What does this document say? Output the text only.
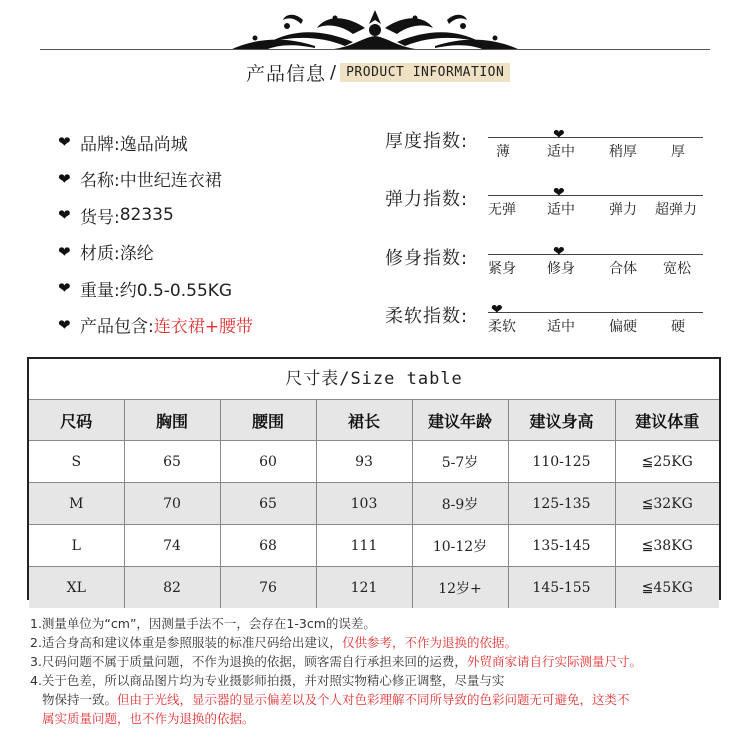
产品信息 / PRODUCT INFORMATION
❤ 品牌: 逸品尚城
❤ 名称: 中世纪连衣裙
❤ 货号: 82335
❤ 材质: 涤纶
❤ 重量: 约0.5-0.55KG
❤ 产品包含: 连衣裙+腰带
厚度指数:	❤
薄	适中 稍厚 厚
弹力指数:	❤
无弹 适中 弹力 超弹力
修身指数:	❤
紧身 修身 合体 宽松
柔软指数: ❤
柔软 适中 偏硬 硬
尺寸表/Size table
尺码	胸围	腰围	裙长	建议年龄	建议身高	建议体重
S	65	60	93	5-7岁	110-125	≦25KG
M	70	65	103	8-9岁	125-135	≦32KG
L	74	68	111	10-12岁	135-145	≦38KG
XL	82	76	121	12岁+	145-155	≦45KG
1.测量单位为“cm”，因测量手法不一，会存在1-3cm的误差。
2.适合身高和建议体重是参照服装的标准尺码给出建议，仅供参考，不作为退换的依据。
3.尺码问题不属于质量问题，不作为退换的依据，顾客需自行承担来回的运费，外贸商家请自行实际测量尺寸。
4.关于色差，所以商品图片均为专业摄影师拍摄，并对照实物精心修正调整，尽量与实
物保持一致。但由于光线，显示器的显示偏差以及个人对色彩理解不同所导致的色彩问题无可避免，这类不
属实质量问题，也不作为退换的依据。
